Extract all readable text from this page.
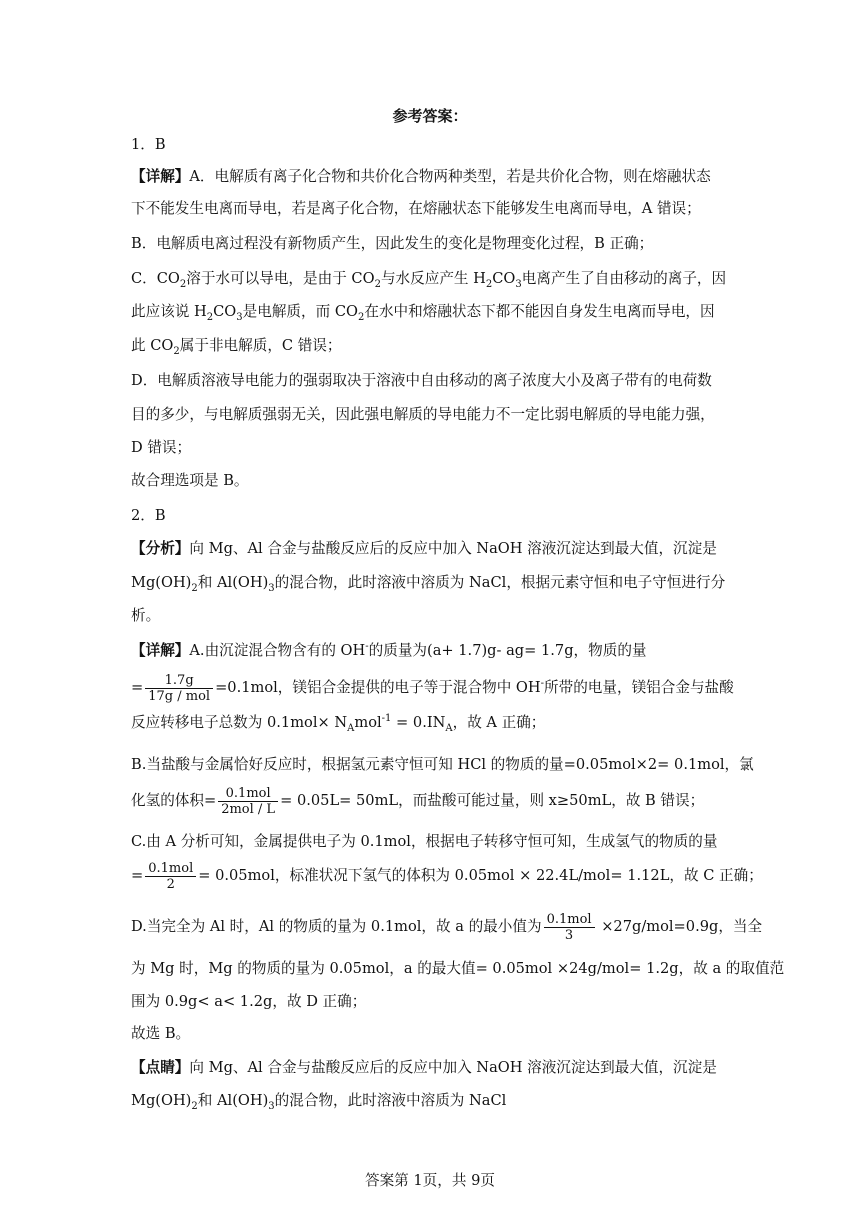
参考答案：
1．B
【详解】A．电解质有离子化合物和共价化合物两种类型，若是共价化合物，则在熔融状态
下不能发生电离而导电，若是离子化合物，在熔融状态下能够发生电离而导电，A 错误；
B．电解质电离过程没有新物质产生，因此发生的变化是物理变化过程，B 正确；
C．$CO_2$溶于水可以导电，是由于 $CO_2$与水反应产生 $H_2CO_3$电离产生了自由移动的离子，因
此应该说 $H_2CO_3$是电解质，而 $CO_2$在水中和熔融状态下都不能因自身发生电离而导电，因
此 $CO_2$属于非电解质，C 错误；
D．电解质溶液导电能力的强弱取决于溶液中自由移动的离子浓度大小及离子带有的电荷数
目的多少，与电解质强弱无关，因此强电解质的导电能力不一定比弱电解质的导电能力强，
D 错误；
故合理选项是 B。
2．B
【分析】向 Mg、Al 合金与盐酸反应后的反应中加入 NaOH 溶液沉淀达到最大值，沉淀是
$Mg(OH)_2$和 $Al(OH)_3$的混合物，此时溶液中溶质为 NaCl，根据元素守恒和电子守恒进行分
析。
【详解】A.由沉淀混合物含有的 OH-的质量为(a+ 1.7)g- ag= 1.7g，物质的量
= $\frac{1.7g}{\text{17g / mol}} =0.1mol$，镁铝合金提供的电子等于混合物中 OH-所带的电量，镁铝合金与盐酸
反应转移电子总数为 $0.1mol\times N_Amol^{-1} = 0.IN_A$，故 A 正确；
B.当盐酸与金属恰好反应时，根据氢元素守恒可知 HCl 的物质的量=0.05mol×2= 0.1mol，氯
化氢的体积= $\frac{\text{0.1mol}}{\text{2mol / L}} = 0.05L= 50mL$，而盐酸可能过量，则 x≥50mL，故 B 错误；
C.由 A 分析可知，金属提供电子为 0.1mol，根据电子转移守恒可知，生成氢气的物质的量
= $\frac{\text{0.1mol}}{2} = 0.05mol$，标准状况下氢气的体积为 0.05mol × 22.4L/mol= 1.12L，故 C 正确；
D.当完全为 Al 时，Al 的物质的量为 0.1mol，故 a 的最小值为 $\frac{\text{0.1mol}}{3} \times 27g/mol=0.9g$，当全
为 Mg 时，Mg 的物质的量为 0.05mol，a 的最大值= 0.05mol ×24g/mol= 1.2g，故 a 的取值范
围为 0.9g< a< 1.2g，故 D 正确；
故选 B。
【点睛】向 Mg、Al 合金与盐酸反应后的反应中加入 NaOH 溶液沉淀达到最大值，沉淀是
$Mg(OH)_2$和 $Al(OH)_3$的混合物，此时溶液中溶质为 NaCl
答案第 1页，共 9页
